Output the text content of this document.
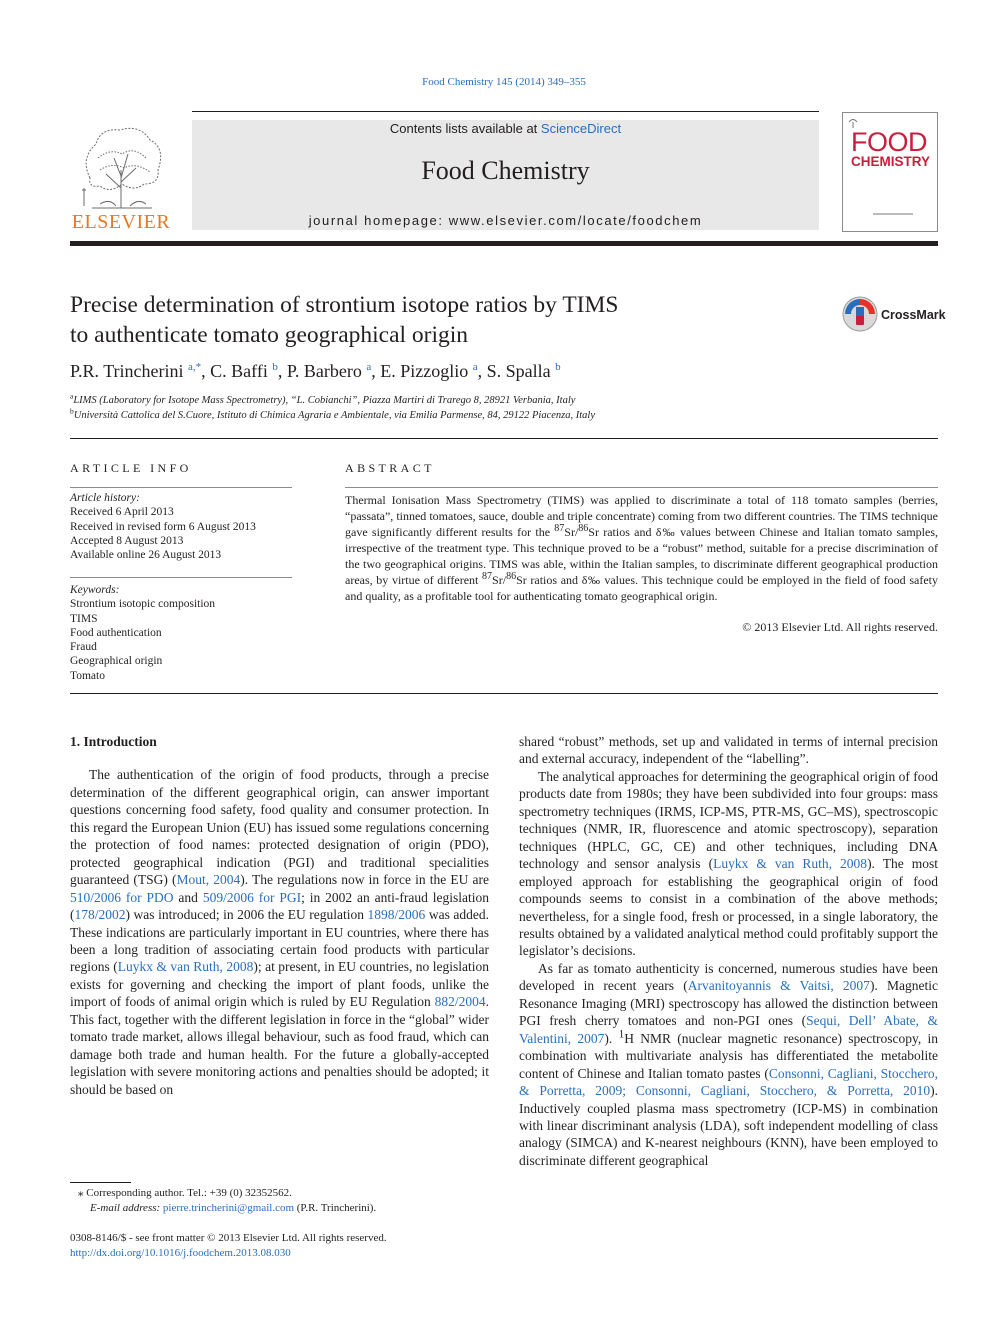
Food Chemistry 145 (2014) 349–355
Contents lists available at ScienceDirect
Food Chemistry
journal homepage: www.elsevier.com/locate/foodchem
ELSEVIER
FOOD
CHEMISTRY
Precise determination of strontium isotope ratios by TIMS
to authenticate tomato geographical origin
CrossMark
P.R. Trincherini $^{a,*}$, C. Baffi $^b$, P. Barbero $^a$, E. Pizzoglio $^a$, S. Spalla $^b$
$^a$LIMS (Laboratory for Isotope Mass Spectrometry), “L. Cobianchi”, Piazza Martiri di Trarego 8, 28921 Verbania, Italy
$^b$Università Cattolica del S.Cuore, Istituto di Chimica Agraria e Ambientale, via Emilia Parmense, 84, 29122 Piacenza, Italy
ARTICLE INFO
Article history:
Received 6 April 2013
Received in revised form 6 August 2013
Accepted 8 August 2013
Available online 26 August 2013
Keywords:
Strontium isotopic composition
TIMS
Food authentication
Fraud
Geographical origin
Tomato
ABSTRACT
Thermal Ionisation Mass Spectrometry (TIMS) was applied to discriminate a total of 118 tomato samples (berries, “passata”, tinned tomatoes, sauce, double and triple concentrate) coming from two different countries. The TIMS technique gave significantly different results for the $^{87}$Sr/$^{86}$Sr ratios and δ‰ values between Chinese and Italian tomato samples, irrespective of the treatment type. This technique proved to be a “robust” method, suitable for a precise discrimination of the two geographical origins. TIMS was able, within the Italian samples, to discriminate different geographical production areas, by virtue of different $^{87}$Sr/$^{86}$Sr ratios and δ‰ values. This technique could be employed in the field of food safety and quality, as a profitable tool for authenticating tomato geographical origin.
© 2013 Elsevier Ltd. All rights reserved.
1. Introduction

The authentication of the origin of food products, through a precise determination of the different geographical origin, can answer important questions concerning food safety, food quality and consumer protection. In this regard the European Union (EU) has issued some regulations concerning the protection of food names: protected designation of origin (PDO), protected geographical indication (PGI) and traditional specialities guaranteed (TSG) (Mout, 2004). The regulations now in force in the EU are 510/2006 for PDO and 509/2006 for PGI; in 2002 an anti-fraud legislation (178/2002) was introduced; in 2006 the EU regulation 1898/2006 was added. These indications are particularly important in EU countries, where there has been a long tradition of associating certain food products with particular regions (Luykx & van Ruth, 2008); at present, in EU countries, no legislation exists for governing and checking the import of plant foods, unlike the import of foods of animal origin which is ruled by EU Regulation 882/2004. This fact, together with the different legislation in force in the “global” wider tomato trade market, allows illegal behaviour, such as food fraud, which can damage both trade and human health. For the future a globally-accepted legislation with severe monitoring actions and penalties should be adopted; it should be based on

shared “robust” methods, set up and validated in terms of internal precision and external accuracy, independent of the “labelling”.

The analytical approaches for determining the geographical origin of food products date from 1980s; they have been subdivided into four groups: mass spectrometry techniques (IRMS, ICP-MS, PTR-MS, GC–MS), spectroscopic techniques (NMR, IR, fluorescence and atomic spectroscopy), separation techniques (HPLC, GC, CE) and other techniques, including DNA technology and sensor analysis (Luykx & van Ruth, 2008). The most employed approach for establishing the geographical origin of food compounds seems to consist in a combination of the above methods; nevertheless, for a single food, fresh or processed, in a single laboratory, the results obtained by a validated analytical method could profitably support the legislator’s decisions.

As far as tomato authenticity is concerned, numerous studies have been developed in recent years (Arvanitoyannis & Vaitsi, 2007). Magnetic Resonance Imaging (MRI) spectroscopy has allowed the distinction between PGI fresh cherry tomatoes and non-PGI ones (Sequi, Dell’ Abate, & Valentini, 2007). $^1$H NMR (nuclear magnetic resonance) spectroscopy, in combination with multivariate analysis has differentiated the metabolite content of Chinese and Italian tomato pastes (Consonni, Cagliani, Stocchero, & Porretta, 2009; Consonni, Cagliani, Stocchero, & Porretta, 2010). Inductively coupled plasma mass spectrometry (ICP-MS) in combination with linear discriminant analysis (LDA), soft independent modelling of class analogy (SIMCA) and K-nearest neighbours (KNN), have been employed to discriminate different geographical

⁎ Corresponding author. Tel.: +39 (0) 32352562.
E-mail address: pierre.trincherini@gmail.com (P.R. Trincherini).
0308-8146/$ - see front matter © 2013 Elsevier Ltd. All rights reserved.
http://dx.doi.org/10.1016/j.foodchem.2013.08.030
